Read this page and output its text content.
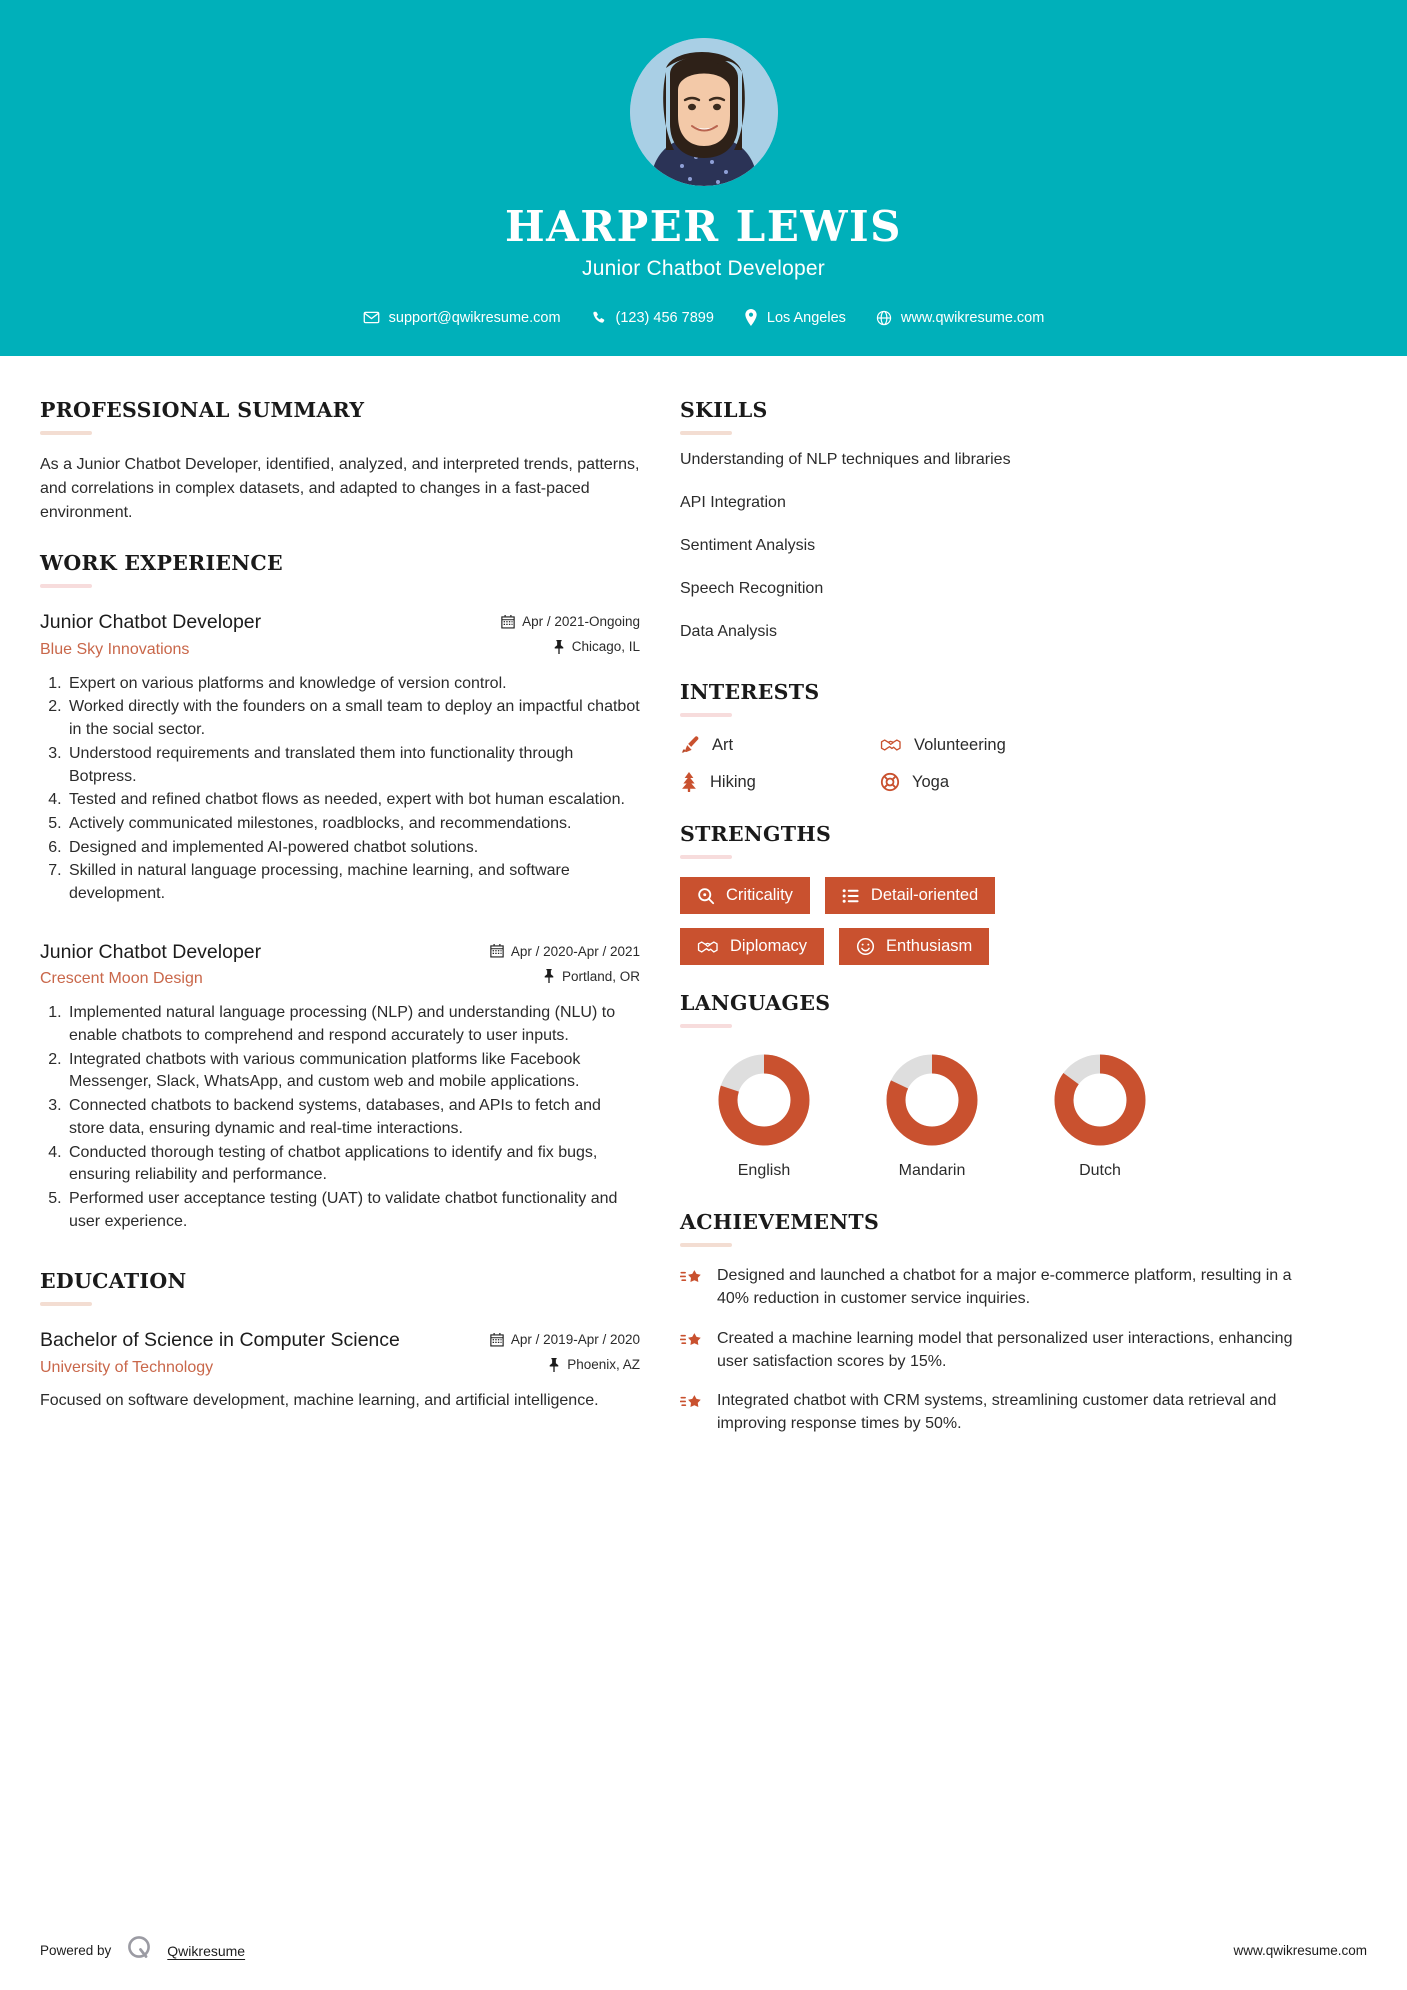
HARPER LEWIS
Junior Chatbot Developer
support@qwikresume.com	(123) 456 7899	Los Angeles	www.qwikresume.com
PROFESSIONAL SUMMARY
As a Junior Chatbot Developer, identified, analyzed, and interpreted trends, patterns, and correlations in complex datasets, and adapted to changes in a fast-paced environment.
WORK EXPERIENCE
Junior Chatbot Developer
Blue Sky Innovations
Apr / 2021-Ongoing
Chicago, IL
1. Expert on various platforms and knowledge of version control.
2. Worked directly with the founders on a small team to deploy an impactful chatbot in the social sector.
3. Understood requirements and translated them into functionality through Botpress.
4. Tested and refined chatbot flows as needed, expert with bot human escalation.
5. Actively communicated milestones, roadblocks, and recommendations.
6. Designed and implemented AI-powered chatbot solutions.
7. Skilled in natural language processing, machine learning, and software development.
Junior Chatbot Developer
Crescent Moon Design
Apr / 2020-Apr / 2021
Portland, OR
1. Implemented natural language processing (NLP) and understanding (NLU) to enable chatbots to comprehend and respond accurately to user inputs.
2. Integrated chatbots with various communication platforms like Facebook Messenger, Slack, WhatsApp, and custom web and mobile applications.
3. Connected chatbots to backend systems, databases, and APIs to fetch and store data, ensuring dynamic and real-time interactions.
4. Conducted thorough testing of chatbot applications to identify and fix bugs, ensuring reliability and performance.
5. Performed user acceptance testing (UAT) to validate chatbot functionality and user experience.
EDUCATION
Bachelor of Science in Computer Science
University of Technology
Apr / 2019-Apr / 2020
Phoenix, AZ
Focused on software development, machine learning, and artificial intelligence.
SKILLS
Understanding of NLP techniques and libraries
API Integration
Sentiment Analysis
Speech Recognition
Data Analysis
INTERESTS
Art	Volunteering
Hiking	Yoga
STRENGTHS
Criticality	Detail-oriented
Diplomacy	Enthusiasm
LANGUAGES
English	Mandarin	Dutch
ACHIEVEMENTS
Designed and launched a chatbot for a major e-commerce platform, resulting in a 40% reduction in customer service inquiries.
Created a machine learning model that personalized user interactions, enhancing user satisfaction scores by 15%.
Integrated chatbot with CRM systems, streamlining customer data retrieval and improving response times by 50%.
Powered by	Qwikresume	www.qwikresume.com
